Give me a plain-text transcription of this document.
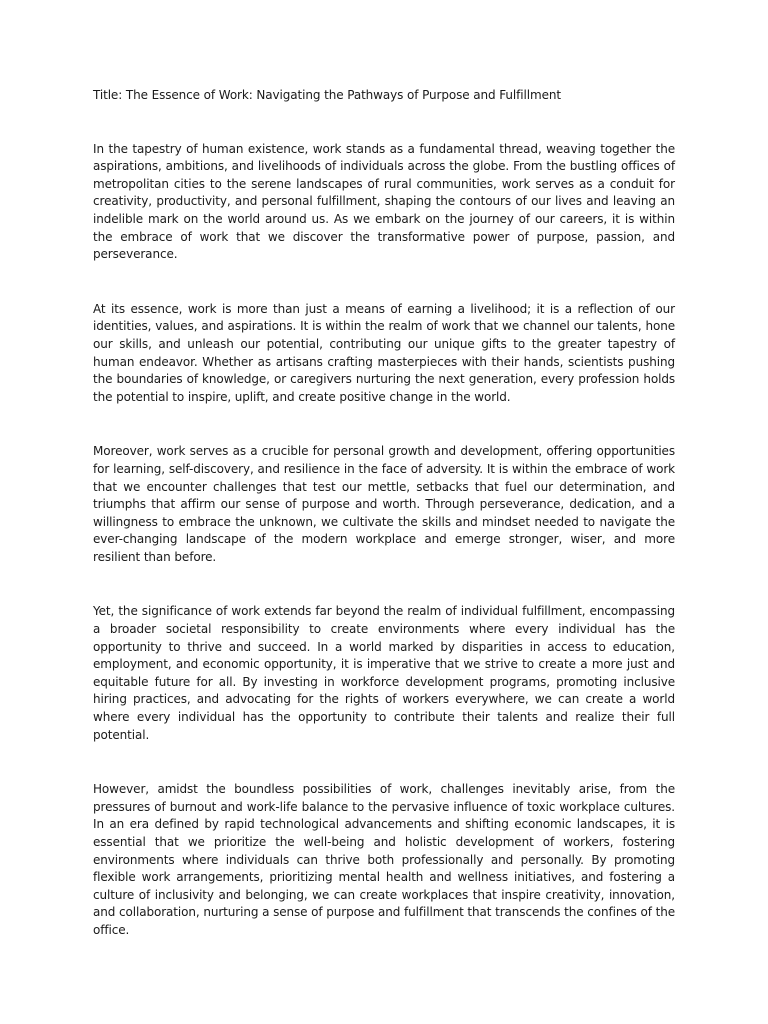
Title: The Essence of Work: Navigating the Pathways of Purpose and Fulfillment

In the tapestry of human existence, work stands as a fundamental thread, weaving together the aspirations, ambitions, and livelihoods of individuals across the globe. From the bustling offices of metropolitan cities to the serene landscapes of rural communities, work serves as a conduit for creativity, productivity, and personal fulfillment, shaping the contours of our lives and leaving an indelible mark on the world around us. As we embark on the journey of our careers, it is within the embrace of work that we discover the transformative power of purpose, passion, and perseverance.

At its essence, work is more than just a means of earning a livelihood; it is a reflection of our identities, values, and aspirations. It is within the realm of work that we channel our talents, hone our skills, and unleash our potential, contributing our unique gifts to the greater tapestry of human endeavor. Whether as artisans crafting masterpieces with their hands, scientists pushing the boundaries of knowledge, or caregivers nurturing the next generation, every profession holds the potential to inspire, uplift, and create positive change in the world.

Moreover, work serves as a crucible for personal growth and development, offering opportunities for learning, self-discovery, and resilience in the face of adversity. It is within the embrace of work that we encounter challenges that test our mettle, setbacks that fuel our determination, and triumphs that affirm our sense of purpose and worth. Through perseverance, dedication, and a willingness to embrace the unknown, we cultivate the skills and mindset needed to navigate the ever-changing landscape of the modern workplace and emerge stronger, wiser, and more resilient than before.

Yet, the significance of work extends far beyond the realm of individual fulfillment, encompassing a broader societal responsibility to create environments where every individual has the opportunity to thrive and succeed. In a world marked by disparities in access to education, employment, and economic opportunity, it is imperative that we strive to create a more just and equitable future for all. By investing in workforce development programs, promoting inclusive hiring practices, and advocating for the rights of workers everywhere, we can create a world where every individual has the opportunity to contribute their talents and realize their full potential.

However, amidst the boundless possibilities of work, challenges inevitably arise, from the pressures of burnout and work-life balance to the pervasive influence of toxic workplace cultures. In an era defined by rapid technological advancements and shifting economic landscapes, it is essential that we prioritize the well-being and holistic development of workers, fostering environments where individuals can thrive both professionally and personally. By promoting flexible work arrangements, prioritizing mental health and wellness initiatives, and fostering a culture of inclusivity and belonging, we can create workplaces that inspire creativity, innovation, and collaboration, nurturing a sense of purpose and fulfillment that transcends the confines of the office.
